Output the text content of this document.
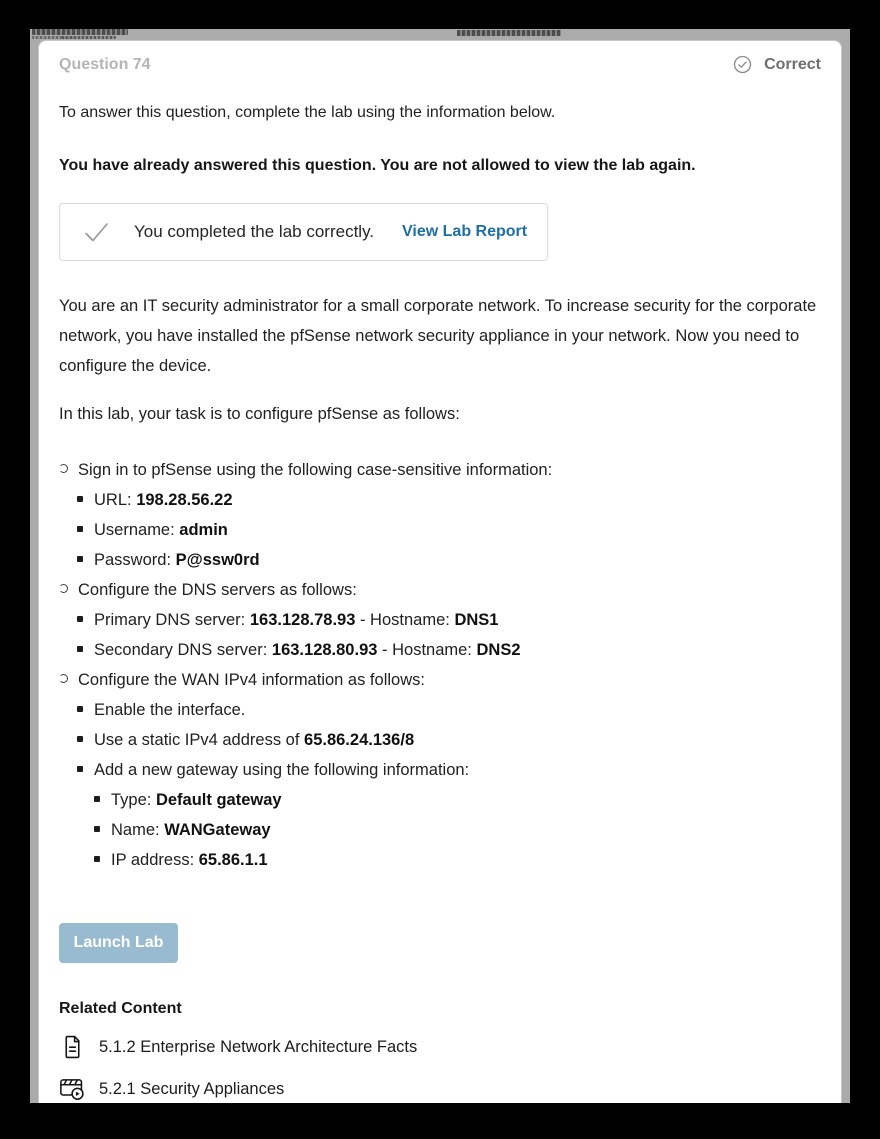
Question 74	Correct
To answer this question, complete the lab using the information below.
You have already answered this question. You are not allowed to view the lab again.
You completed the lab correctly. View Lab Report

You are an IT security administrator for a small corporate network. To increase security for the corporate network, you have installed the pfSense network security appliance in your network. Now you need to configure the device.

In this lab, your task is to configure pfSense as follows:

Sign in to pfSense using the following case-sensitive information:
URL: 198.28.56.22
Username: admin
Password: P@ssw0rd
Configure the DNS servers as follows:
Primary DNS server: 163.128.78.93 - Hostname: DNS1
Secondary DNS server: 163.128.80.93 - Hostname: DNS2
Configure the WAN IPv4 information as follows:
Enable the interface.
Use a static IPv4 address of 65.86.24.136/8
Add a new gateway using the following information:
Type: Default gateway
Name: WANGateway
IP address: 65.86.1.1
Launch Lab
Related Content
5.1.2 Enterprise Network Architecture Facts
5.2.1 Security Appliances
